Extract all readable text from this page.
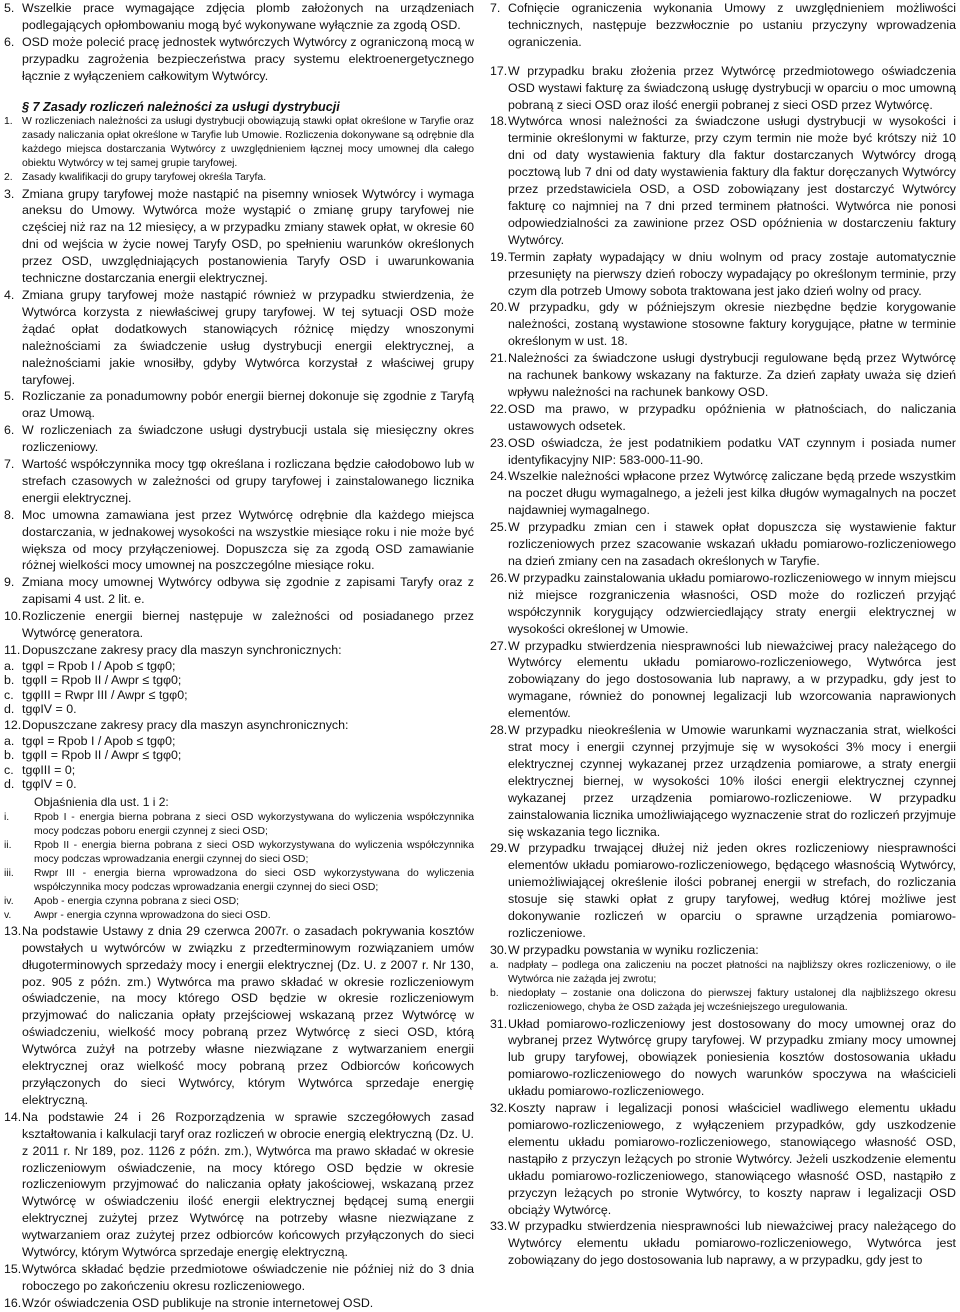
5. Wszelkie prace wymagające zdjęcia plomb założonych na urządzeniach podlegających opłombowaniu mogą być wykonywane wyłącznie za zgodą OSD.
6. OSD może polecić pracę jednostek wytwórczych Wytwórcy z ograniczoną mocą w przypadku zagrożenia bezpieczeństwa pracy systemu elektroenergetycznego łącznie z wyłączeniem całkowitym Wytwórcy.
§ 7 Zasady rozliczeń należności za usługi dystrybucji
1. W rozliczeniach należności za usługi dystrybucji obowiązują stawki opłat określone w Taryfie oraz zasady naliczania opłat określone w Taryfie lub Umowie. Rozliczenia dokonywane są odrębnie dla każdego miejsca dostarczania Wytwórcy z uwzględnieniem łącznej mocy umownej dla całego obiektu Wytwórcy w tej samej grupie taryfowej.
2. Zasady kwalifikacji do grupy taryfowej określa Taryfa.
3. Zmiana grupy taryfowej może nastąpić na pisemny wniosek Wytwórcy i wymaga aneksu do Umowy. Wytwórca może wystąpić o zmianę grupy taryfowej nie częściej niż raz na 12 miesięcy, a w przypadku zmiany stawek opłat, w okresie 60 dni od wejścia w życie nowej Taryfy OSD, po spełnieniu warunków określonych przez OSD, uwzględniających postanowienia Taryfy OSD i uwarunkowania techniczne dostarczania energii elektrycznej.
4. Zmiana grupy taryfowej może nastąpić również w przypadku stwierdzenia, że Wytwórca korzysta z niewłaściwej grupy taryfowej. W tej sytuacji OSD może żądać opłat dodatkowych stanowiących różnicę między wnoszonymi należnościami za świadczenie usług dystrybucji energii elektrycznej, a należnościami jakie wnosiłby, gdyby Wytwórca korzystał z właściwej grupy taryfowej.
5. Rozliczanie za ponadumowny pobór energii biernej dokonuje się zgodnie z Taryfą oraz Umową.
6. W rozliczeniach za świadczone usługi dystrybucji ustala się miesięczny okres rozliczeniowy.
7. Wartość współczynnika mocy tgφ określana i rozliczana będzie całodobowo lub w strefach czasowych w zależności od grupy taryfowej i zainstalowanego licznika energii elektrycznej.
8. Moc umowna zamawiana jest przez Wytwórcę odrębnie dla każdego miejsca dostarczania, w jednakowej wysokości na wszystkie miesiące roku i nie może być większa od mocy przyłączeniowej. Dopuszcza się za zgodą OSD zamawianie różnej wielkości mocy umownej na poszczególne miesiące roku.
9. Zmiana mocy umownej Wytwórcy odbywa się zgodnie z zapisami Taryfy oraz z zapisami 4 ust. 2 lit. e.
10. Rozliczenie energii biernej następuje w zależności od posiadanego przez Wytwórcę generatora.
11. Dopuszczane zakresy pracy dla maszyn synchronicznych:
a. tgφI = Rpob I / Apob ≤ tgφ0;
b. tgφII = Rpob II / Awpr ≤ tgφ0;
c. tgφIII = Rwpr III / Awpr ≤ tgφ0;
d. tgφIV = 0.
12. Dopuszczane zakresy pracy dla maszyn asynchronicznych:
a. tgφI = Rpob I / Apob ≤ tgφ0;
b. tgφII = Rpob II / Awpr ≤ tgφ0;
c. tgφIII = 0;
d. tgφIV = 0.
Objaśnienia dla ust. 1 i 2:
i. Rpob I - energia bierna pobrana z sieci OSD wykorzystywana do wyliczenia współczynnika mocy podczas poboru energii czynnej z sieci OSD;
ii. Rpob II - energia bierna pobrana z sieci OSD wykorzystywana do wyliczenia współczynnika mocy podczas wprowadzania energii czynnej do sieci OSD;
iii. Rwpr III - energia bierna wprowadzona do sieci OSD wykorzystywana do wyliczenia współczynnika mocy podczas wprowadzania energii czynnej do sieci OSD;
iv. Apob - energia czynna pobrana z sieci OSD;
v. Awpr - energia czynna wprowadzona do sieci OSD.
13. Na podstawie Ustawy z dnia 29 czerwca 2007r. o zasadach pokrywania kosztów powstałych u wytwórców w związku z przedterminowym rozwiązaniem umów długoterminowych sprzedaży mocy i energii elektrycznej (Dz. U. z 2007 r. Nr 130, poz. 905 z późn. zm.) Wytwórca ma prawo składać w okresie rozliczeniowym oświadczenie, na mocy którego OSD będzie w okresie rozliczeniowym przyjmować do naliczania opłaty przejściowej wskazaną przez Wytwórcę w oświadczeniu, wielkość mocy pobraną przez Wytwórcę z sieci OSD, którą Wytwórca zużył na potrzeby własne niezwiązane z wytwarzaniem energii elektrycznej oraz wielkość mocy pobraną przez Odbiorców końcowych przyłączonych do sieci Wytwórcy, którym Wytwórca sprzedaje energię elektryczną.
14. Na podstawie 24 i 26 Rozporządzenia w sprawie szczegółowych zasad kształtowania i kalkulacji taryf oraz rozliczeń w obrocie energią elektryczną (Dz. U. z 2011 r. Nr 189, poz. 1126 z późn. zm.), Wytwórca ma prawo składać w okresie rozliczeniowym oświadczenie, na mocy którego OSD będzie w okresie rozliczeniowym przyjmować do naliczania opłaty jakościowej, wskazaną przez Wytwórcę w oświadczeniu ilość energii elektrycznej będącej sumą energii elektrycznej zużytej przez Wytwórcę na potrzeby własne niezwiązane z wytwarzaniem oraz zużytej przez odbiorców końcowych przyłączonych do sieci Wytwórcy, którym Wytwórca sprzedaje energię elektryczną.
15. Wytwórca składać będzie przedmiotowe oświadczenie nie później niż do 3 dnia roboczego po zakończeniu okresu rozliczeniowego.
16. Wzór oświadczenia OSD publikuje na stronie internetowej OSD.
7. Cofnięcie ograniczenia wykonania Umowy z uwzględnieniem możliwości technicznych, następuje bezzwłocznie po ustaniu przyczyny wprowadzenia ograniczenia.
17. W przypadku braku złożenia przez Wytwórcę przedmiotowego oświadczenia OSD wystawi fakturę za świadczoną usługę dystrybucji w oparciu o moc umowną pobraną z sieci OSD oraz ilość energii pobranej z sieci OSD przez Wytwórcę.
18. Wytwórca wnosi należności za świadczone usługi dystrybucji w wysokości i terminie określonymi w fakturze, przy czym termin nie może być krótszy niż 10 dni od daty wystawienia faktury dla faktur dostarczanych Wytwórcy drogą pocztową lub 7 dni od daty wystawienia faktury dla faktur doręczanych Wytwórcy przez przedstawiciela OSD, a OSD zobowiązany jest dostarczyć Wytwórcy fakturę co najmniej na 7 dni przed terminem płatności. Wytwórca nie ponosi odpowiedzialności za zawinione przez OSD opóźnienia w dostarczeniu faktury Wytwórcy.
19. Termin zapłaty wypadający w dniu wolnym od pracy zostaje automatycznie przesunięty na pierwszy dzień roboczy wypadający po określonym terminie, przy czym dla potrzeb Umowy sobota traktowana jest jako dzień wolny od pracy.
20. W przypadku, gdy w późniejszym okresie niezbędne będzie korygowanie należności, zostaną wystawione stosowne faktury korygujące, płatne w terminie określonym w ust. 18.
21. Należności za świadczone usługi dystrybucji regulowane będą przez Wytwórcę na rachunek bankowy wskazany na fakturze. Za dzień zapłaty uważa się dzień wpływu należności na rachunek bankowy OSD.
22. OSD ma prawo, w przypadku opóźnienia w płatnościach, do naliczania ustawowych odsetek.
23. OSD oświadcza, że jest podatnikiem podatku VAT czynnym i posiada numer identyfikacyjny NIP: 583-000-11-90.
24. Wszelkie należności wpłacone przez Wytwórcę zaliczane będą przede wszystkim na poczet długu wymagalnego, a jeżeli jest kilka długów wymagalnych na poczet najdawniej wymagalnego.
25. W przypadku zmian cen i stawek opłat dopuszcza się wystawienie faktur rozliczeniowych przez szacowanie wskazań układu pomiarowo-rozliczeniowego na dzień zmiany cen na zasadach określonych w Taryfie.
26. W przypadku zainstalowania układu pomiarowo-rozliczeniowego w innym miejscu niż miejsce rozgraniczenia własności, OSD może do rozliczeń przyjąć współczynnik korygujący odzwierciedlający straty energii elektrycznej w wysokości określonej w Umowie.
27. W przypadku stwierdzenia niesprawności lub nieważciwej pracy należącego do Wytwórcy elementu układu pomiarowo-rozliczeniowego, Wytwórca jest zobowiązany do jego dostosowania lub naprawy, a w przypadku, gdy jest to wymagane, również do ponownej legalizacji lub wzorcowania naprawionych elementów.
28. W przypadku nieokreślenia w Umowie warunkami wyznaczania strat, wielkości strat mocy i energii czynnej przyjmuje się w wysokości 3% mocy i energii elektrycznej czynnej wykazanej przez urządzenia pomiarowe, a straty energii elektrycznej biernej, w wysokości 10% ilości energii elektrycznej czynnej wykazanej przez urządzenia pomiarowo-rozliczeniowe. W przypadku zainstalowania licznika umożliwiającego wyznaczenie strat do rozliczeń przyjmuje się wskazania tego licznika.
29. W przypadku trwającej dłużej niż jeden okres rozliczeniowy niesprawności elementów układu pomiarowo-rozliczeniowego, będącego własnością Wytwórcy, uniemożliwiającej określenie ilości pobranej energii w strefach, do rozliczania stosuje się stawki opłat z grupy taryfowej, według której możliwe jest dokonywanie rozliczeń w oparciu o sprawne urządzenia pomiarowo-rozliczeniowe.
30. W przypadku powstania w wyniku rozliczenia:
a. nadpłaty – podlega ona zaliczeniu na poczet płatności na najbliższy okres rozliczeniowy, o ile Wytwórca nie zażąda jej zwrotu;
b. niedopłaty – zostanie ona doliczona do pierwszej faktury ustalonej dla najbliższego okresu rozliczeniowego, chyba że OSD zażąda jej wcześniejszego uregulowania.
31. Układ pomiarowo-rozliczeniowy jest dostosowany do mocy umownej oraz do wybranej przez Wytwórcę grupy taryfowej. W przypadku zmiany mocy umownej lub grupy taryfowej, obowiązek poniesienia kosztów dostosowania układu pomiarowo-rozliczeniowego do nowych warunków spoczywa na właścicieli układu pomiarowo-rozliczeniowego.
32. Koszty napraw i legalizacji ponosi właściciel wadliwego elementu układu pomiarowo-rozliczeniowego, z wyłączeniem przypadków, gdy uszkodzenie elementu układu pomiarowo-rozliczeniowego, stanowiącego własność OSD, nastąpiło z przyczyn leżących po stronie Wytwórcy. Jeżeli uszkodzenie elementu układu pomiarowo-rozliczeniowego, stanowiącego własność OSD, nastąpiło z przyczyn leżących po stronie Wytwórcy, to koszty napraw i legalizacji OSD obciąży Wytwórcę.
33. W przypadku stwierdzenia niesprawności lub nieważciwej pracy należącego do Wytwórcy elementu układu pomiarowo-rozliczeniowego, Wytwórca jest zobowiązany do jego dostosowania lub naprawy, a w przypadku, gdy jest to
